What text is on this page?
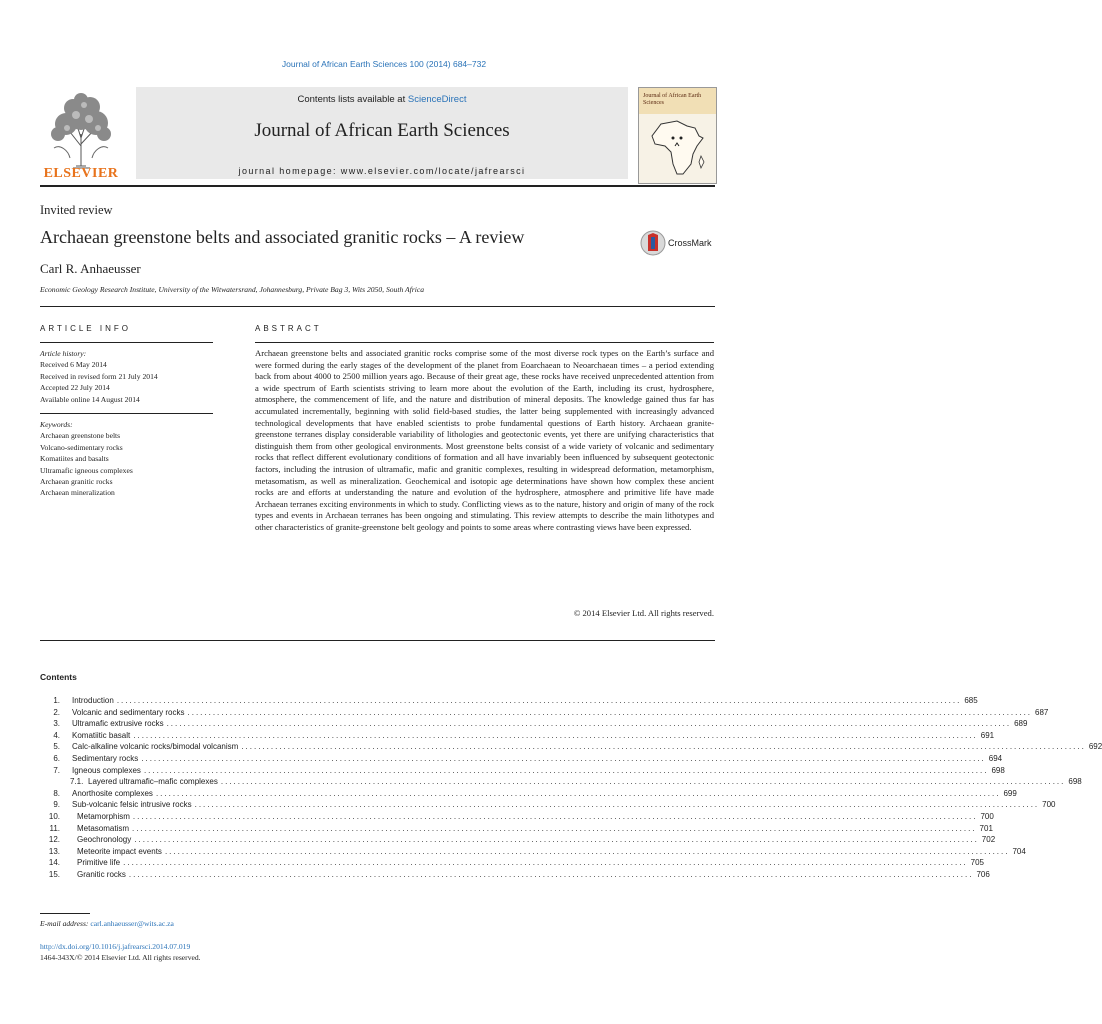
Journal of African Earth Sciences 100 (2014) 684–732
ELSEVIER
Contents lists available at ScienceDirect
Journal of African Earth Sciences
journal homepage: www.elsevier.com/locate/jafrearsci
Journal of African Earth Sciences
Invited review
Archaean greenstone belts and associated granitic rocks – A review	CrossMark
Carl R. Anhaeusser
Economic Geology Research Institute, University of the Witwatersrand, Johannesburg, Private Bag 3, Wits 2050, South Africa
ARTICLE INFO
Article history:
Received 6 May 2014
Received in revised form 21 July 2014
Accepted 22 July 2014
Available online 14 August 2014
Keywords:
Archaean greenstone belts
Volcano-sedimentary rocks
Komatiites and basalts
Ultramafic igneous complexes
Archaean granitic rocks
Archaean mineralization
ABSTRACT
Archaean greenstone belts and associated granitic rocks comprise some of the most diverse rock types on the Earth’s surface and were formed during the early stages of the development of the planet from Eoarchaean to Neoarchaean times – a period extending back from about 4000 to 2500 million years ago. Because of their great age, these rocks have received unprecedented attention from a wide spectrum of Earth scientists striving to learn more about the evolution of the Earth, including its crust, hydrosphere, atmosphere, the commencement of life, and the nature and distribution of mineral deposits. The knowledge gained thus far has accumulated incrementally, beginning with solid field-based studies, the latter being supplemented with increasingly advanced technological developments that have enabled scientists to probe fundamental questions of Earth history. Archaean granite-greenstone terranes display considerable variability of lithologies and geotectonic events, yet there are unifying characteristics that distinguish them from other geological environments. Most greenstone belts consist of a wide variety of volcanic and sedimentary rocks that reflect different evolutionary conditions of formation and all have invariably been influenced by subsequent geotectonic factors, including the intrusion of ultramafic, mafic and granitic complexes, resulting in widespread deformation, metamorphism, metasomatism, as well as mineralization. Geochemical and isotopic age determinations have shown how complex these ancient rocks are and efforts at understanding the nature and evolution of the hydrosphere, atmosphere and primitive life have made Archaean terranes exciting environments in which to study. Conflicting views as to the nature, history and origin of many of the rock types and events in Archaean terranes has been ongoing and stimulating. This review attempts to describe the main lithotypes and other characteristics of granite-greenstone belt geology and points to some areas where contrasting views have been expressed.
© 2014 Elsevier Ltd. All rights reserved.
Contents
1. Introduction ........................................................................................................................................................................................................ 685
2. Volcanic and sedimentary rocks ........................................................................................................................................................................................................ 687
3. Ultramafic extrusive rocks ........................................................................................................................................................................................................ 689
4. Komatiitic basalt ........................................................................................................................................................................................................ 691
5. Calc-alkaline volcanic rocks/bimodal volcanism ........................................................................................................................................................................................................ 692
6. Sedimentary rocks ........................................................................................................................................................................................................ 694
7. Igneous complexes ........................................................................................................................................................................................................ 698
7.1. Layered ultramafic–mafic complexes ........................................................................................................................................................................................................ 698
8. Anorthosite complexes ........................................................................................................................................................................................................ 699
9. Sub-volcanic felsic intrusive rocks ........................................................................................................................................................................................................ 700
10. Metamorphism ........................................................................................................................................................................................................ 700
11. Metasomatism ........................................................................................................................................................................................................ 701
12. Geochronology ........................................................................................................................................................................................................ 702
13. Meteorite impact events ........................................................................................................................................................................................................ 704
14. Primitive life ........................................................................................................................................................................................................ 705
15. Granitic rocks ........................................................................................................................................................................................................ 706
E-mail address: carl.anhaeusser@wits.ac.za
http://dx.doi.org/10.1016/j.jafrearsci.2014.07.019
1464-343X/© 2014 Elsevier Ltd. All rights reserved.
